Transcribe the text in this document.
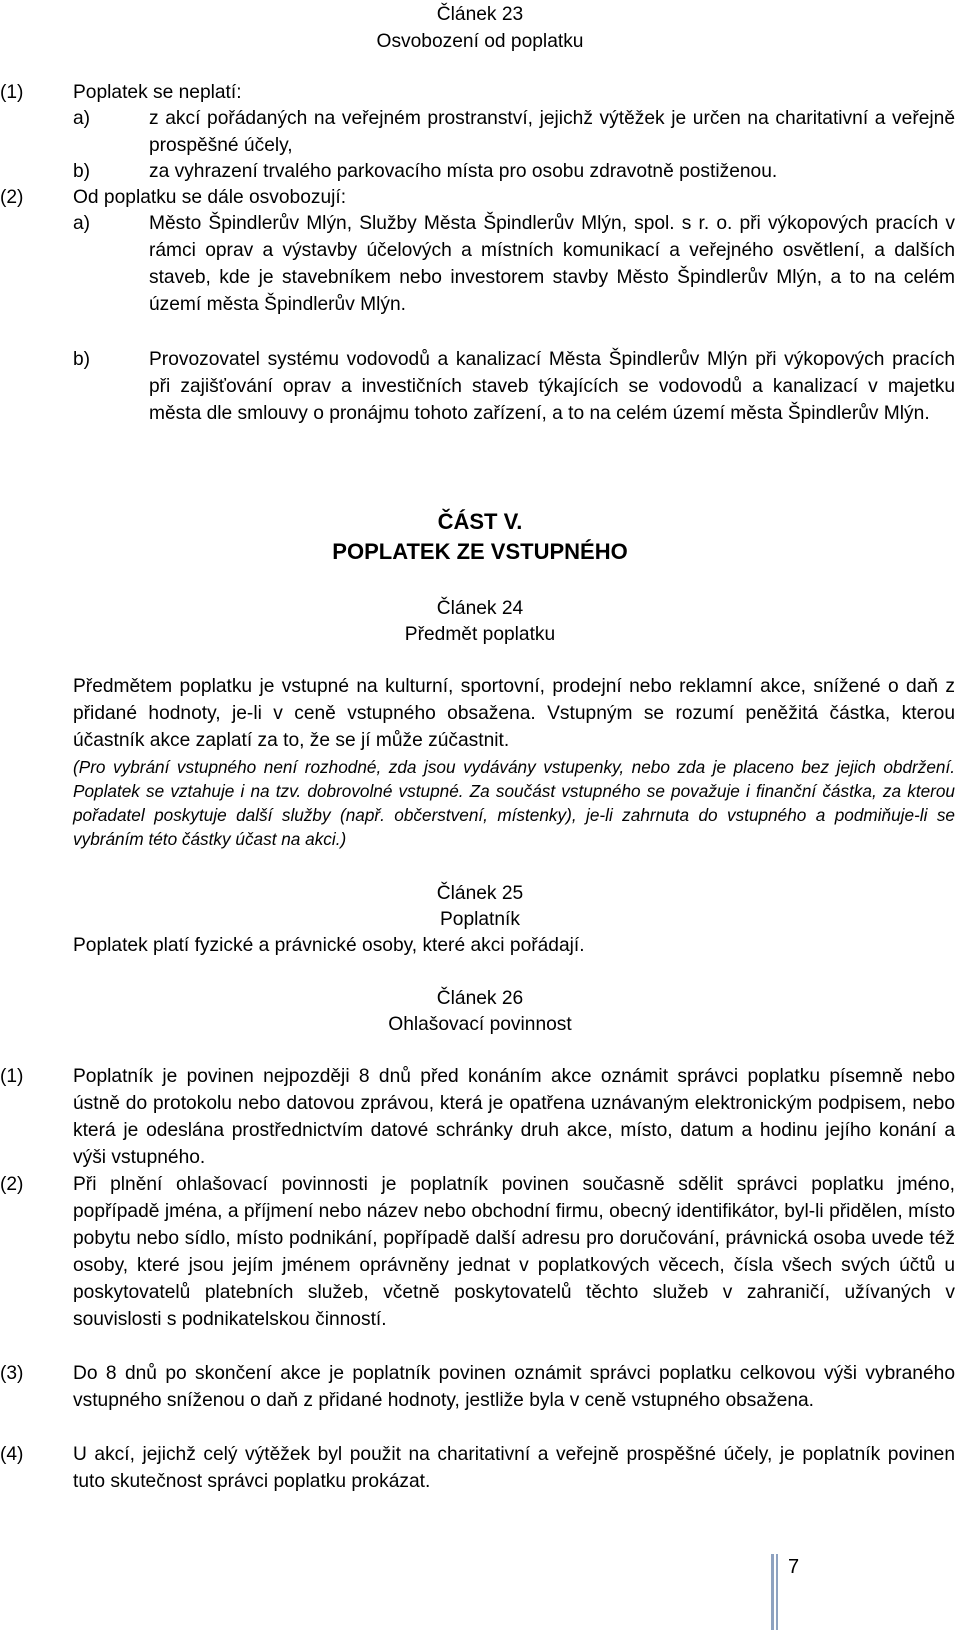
Článek 23
Osvobození od poplatku
(1)	Poplatek se neplatí:
a)	z akcí pořádaných na veřejném prostranství, jejichž výtěžek je určen na charitativní a veřejně prospěšné účely,
b)	za vyhrazení trvalého parkovacího místa pro osobu zdravotně postiženou.
(2)	Od poplatku se dále osvobozují:
a)	Město Špindlerův Mlýn, Služby Města Špindlerův Mlýn, spol. s r. o. při výkopových pracích v rámci oprav a výstavby účelových a místních komunikací a veřejného osvětlení, a dalších staveb, kde je stavebníkem nebo investorem stavby Město Špindlerův Mlýn, a to na celém území města Špindlerův Mlýn.
b)	Provozovatel systému vodovodů a kanalizací Města Špindlerův Mlýn při výkopových pracích při zajišťování oprav a investičních staveb týkajících se vodovodů a kanalizací v majetku města dle smlouvy o pronájmu tohoto zařízení, a to na celém území města Špindlerův Mlýn.
ČÁST V.
POPLATEK ZE VSTUPNÉHO
Článek 24
Předmět poplatku
Předmětem poplatku je vstupné na kulturní, sportovní, prodejní nebo reklamní akce, snížené o daň z přidané hodnoty, je-li v ceně vstupného obsažena. Vstupným se rozumí peněžitá částka, kterou účastník akce zaplatí za to, že se jí může zúčastnit.
(Pro vybrání vstupného není rozhodné, zda jsou vydávány vstupenky, nebo zda je placeno bez jejich obdržení. Poplatek se vztahuje i na tzv. dobrovolné vstupné. Za součást vstupného se považuje i finanční částka, za kterou pořadatel poskytuje další služby (např. občerstvení, místenky), je-li zahrnuta do vstupného a podmiňuje-li se vybráním této částky účast na akci.)
Článek 25
Poplatník
Poplatek platí fyzické a právnické osoby, které akci pořádají.
Článek 26
Ohlašovací povinnost
(1)	Poplatník je povinen nejpozději 8 dnů před konáním akce oznámit správci poplatku písemně nebo ústně do protokolu nebo datovou zprávou, která je opatřena uznávaným elektronickým podpisem, nebo která je odeslána prostřednictvím datové schránky druh akce, místo, datum a hodinu jejího konání a výši vstupného.
(2)	Při plnění ohlašovací povinnosti je poplatník povinen současně sdělit správci poplatku jméno, popřípadě jména, a příjmení nebo název nebo obchodní firmu, obecný identifikátor, byl-li přidělen, místo pobytu nebo sídlo, místo podnikání, popřípadě další adresu pro doručování, právnická osoba uvede též osoby, které jsou jejím jménem oprávněny jednat v poplatkových věcech, čísla všech svých účtů u poskytovatelů platebních služeb, včetně poskytovatelů těchto služeb v zahraničí, užívaných v souvislosti s podnikatelskou činností.
(3)	Do 8 dnů po skončení akce je poplatník povinen oznámit správci poplatku celkovou výši vybraného vstupného sníženou o daň z přidané hodnoty, jestliže byla v ceně vstupného obsažena.
(4)	U akcí, jejichž celý výtěžek byl použit na charitativní a veřejně prospěšné účely, je poplatník povinen tuto skutečnost správci poplatku prokázat.
7
